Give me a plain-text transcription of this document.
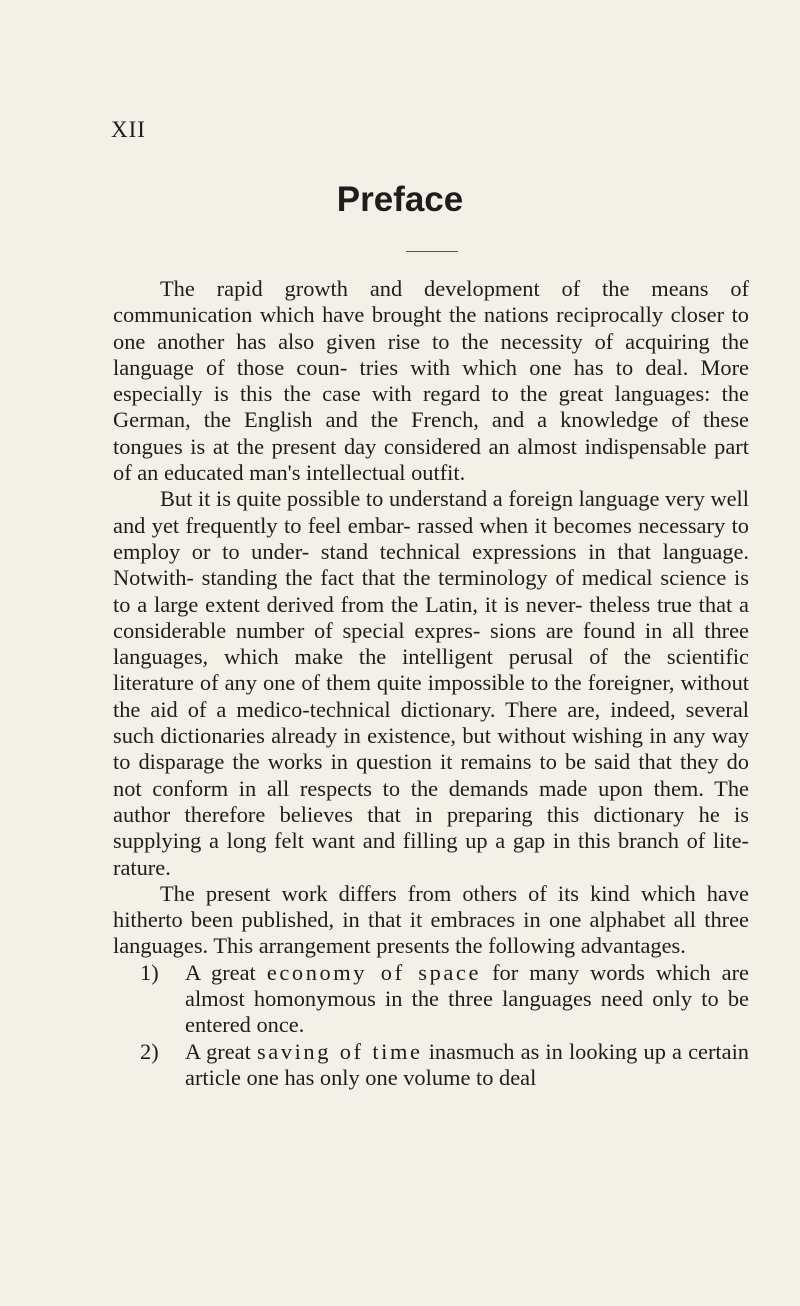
XII
Preface

The rapid growth and development of the means of communication which have brought the nations reciprocally closer to one another has also given rise to the necessity of acquiring the language of those coun- tries with which one has to deal. More especially is this the case with regard to the great languages: the German, the English and the French, and a knowledge of these tongues is at the present day considered an almost indispensable part of an educated man's intellectual outfit.

But it is quite possible to understand a foreign language very well and yet frequently to feel embar- rassed when it becomes necessary to employ or to under- stand technical expressions in that language. Notwith- standing the fact that the terminology of medical science is to a large extent derived from the Latin, it is never- theless true that a considerable number of special expres- sions are found in all three languages, which make the intelligent perusal of the scientific literature of any one of them quite impossible to the foreigner, without the aid of a medico-technical dictionary. There are, indeed, several such dictionaries already in existence, but without wishing in any way to disparage the works in question it remains to be said that they do not conform in all respects to the demands made upon them. The author therefore believes that in preparing this dictionary he is supplying a long felt want and filling up a gap in this branch of lite- rature.

The present work differs from others of its kind which have hitherto been published, in that it embraces in one alphabet all three languages. This arrangement presents the following advantages.

1) A great economy of space for many words which are almost homonymous in the three languages need only to be entered once.
2) A great saving of time inasmuch as in looking up a certain article one has only one volume to deal
